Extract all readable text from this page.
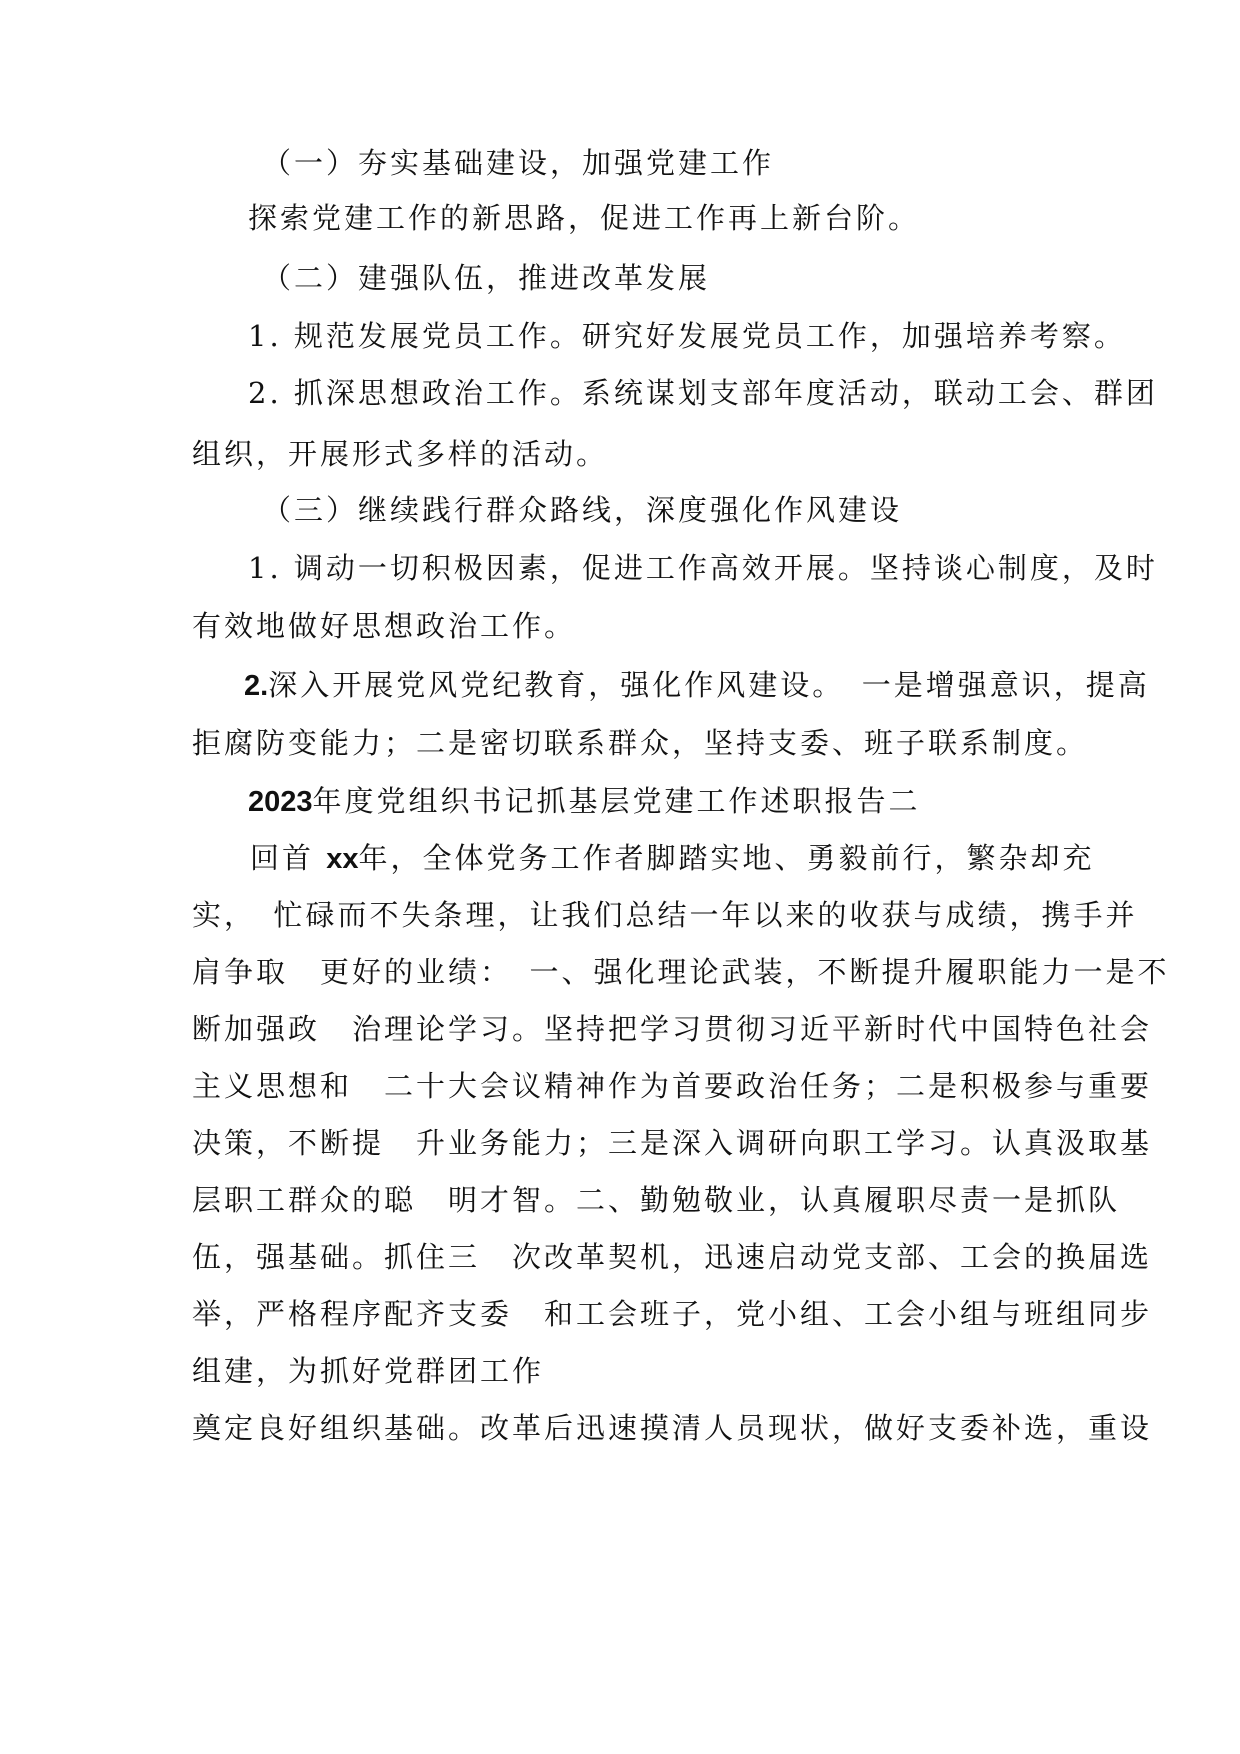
（一）夯实基础建设，加强党建工作
探索党建工作的新思路，促进工作再上新台阶。
（二）建强队伍，推进改革发展
1. 规范发展党员工作。研究好发展党员工作，加强培养考察。
2. 抓深思想政治工作。系统谋划支部年度活动，联动工会、群团
组织，开展形式多样的活动。
（三）继续践行群众路线，深度强化作风建设
1. 调动一切积极因素，促进工作高效开展。坚持谈心制度，及时
有效地做好思想政治工作。
2.深入开展党风党纪教育，强化作风建设。　一是增强意识，提高
拒腐防变能力；二是密切联系群众，坚持支委、班子联系制度。
2023年度党组织书记抓基层党建工作述职报告二
回首 xx年，全体党务工作者脚踏实地、勇毅前行，繁杂却充
实，　忙碌而不失条理，让我们总结一年以来的收获与成绩，携手并
肩争取　更好的业绩：　一、强化理论武装，不断提升履职能力一是不
断加强政　治理论学习。坚持把学习贯彻习近平新时代中国特色社会
主义思想和　二十大会议精神作为首要政治任务；二是积极参与重要
决策，不断提　升业务能力；三是深入调研向职工学习。认真汲取基
层职工群众的聪　明才智。二、勤勉敬业，认真履职尽责一是抓队
伍，强基础。抓住三　次改革契机，迅速启动党支部、工会的换届选
举，严格程序配齐支委　和工会班子，党小组、工会小组与班组同步
组建，为抓好党群团工作
奠定良好组织基础。改革后迅速摸清人员现状，做好支委补选，重设
